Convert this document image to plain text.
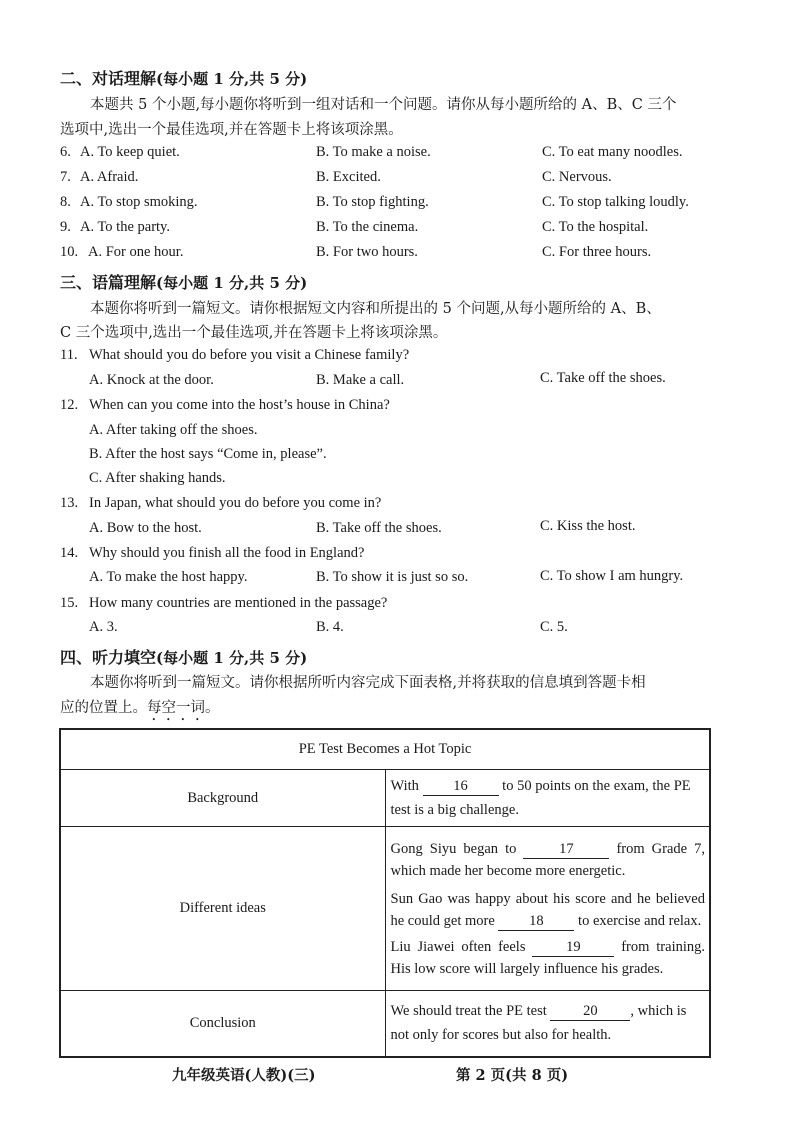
二、对话理解(每小题 1 分,共 5 分)
本题共 5 个小题,每小题你将听到一组对话和一个问题。请你从每小题所给的 A、B、C 三个
选项中,选出一个最佳选项,并在答题卡上将该项涂黑。
6. A. To keep quiet.	B. To make a noise.	C. To eat many noodles.
7. A. Afraid.	B. Excited.	C. Nervous.
8. A. To stop smoking.	B. To stop fighting.	C. To stop talking loudly.
9. A. To the party.	B. To the cinema.	C. To the hospital.
10. A. For one hour.	B. For two hours.	C. For three hours.
三、语篇理解(每小题 1 分,共 5 分)
本题你将听到一篇短文。请你根据短文内容和所提出的 5 个问题,从每小题所给的 A、B、
C 三个选项中,选出一个最佳选项,并在答题卡上将该项涂黑。
11. What should you do before you visit a Chinese family?
A. Knock at the door.	B. Make a call.	C. Take off the shoes.
12. When can you come into the host’s house in China?
A. After taking off the shoes.
B. After the host says “Come in, please”.
C. After shaking hands.
13. In Japan, what should you do before you come in?
A. Bow to the host.	B. Take off the shoes.	C. Kiss the host.
14. Why should you finish all the food in England?
A. To make the host happy.	B. To show it is just so so.	C. To show I am hungry.
15. How many countries are mentioned in the passage?
A. 3.	B. 4.	C. 5.
四、听力填空(每小题 1 分,共 5 分)
本题你将听到一篇短文。请你根据所听内容完成下面表格,并将获取的信息填到答题卡相
应的位置上。每空一词。
PE Test Becomes a Hot Topic	
Background	With 16 to 50 points on the exam, the PE test is a big challenge.
Different ideas	Gong Siyu began to 17 from Grade 7, which made her become more energetic.
Sun Gao was happy about his score and he believed he could get more 18 to exercise and relax.
Liu Jiawei often feels 19 from training. His low score will largely influence his grades.

Conclusion	We should treat the PE test 20 , which is not only for scores but also for health.
九年级英语(人教)(三)	第 2 页(共 8 页)
